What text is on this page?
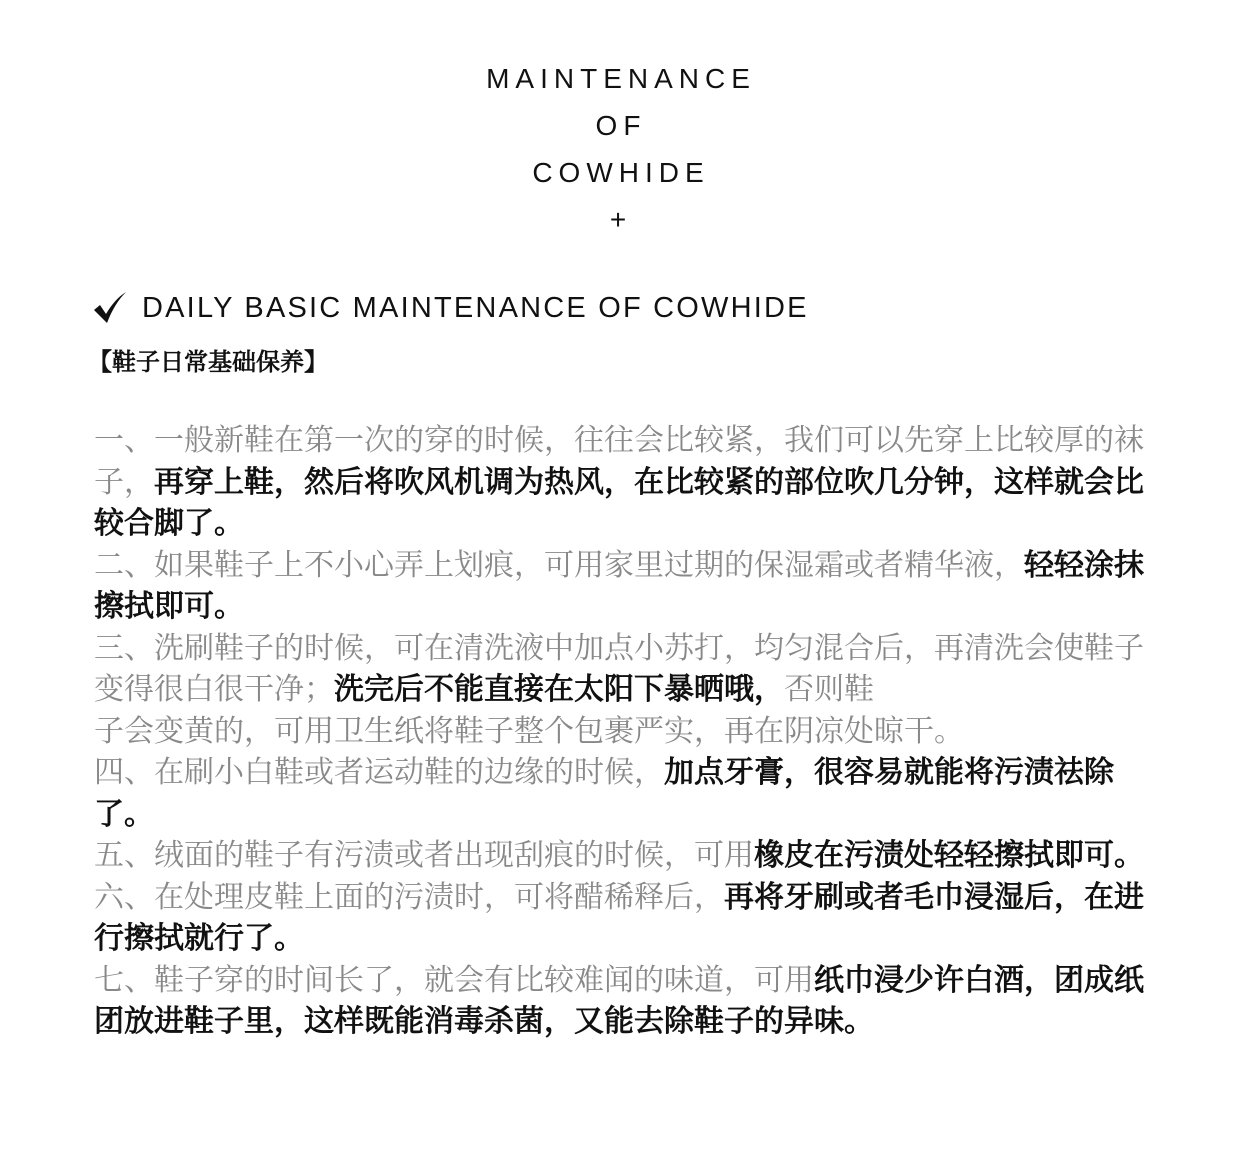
MAINTENANCE
OF
COWHIDE
+
DAILY BASIC MAINTENANCE OF COWHIDE
【鞋子日常基础保养】

一、一般新鞋在第一次的穿的时候，往往会比较紧，我们可以先穿上比较厚的袜子，再穿上鞋，然后将吹风机调为热风，在比较紧的部位吹几分钟，这样就会比较合脚了。

二、如果鞋子上不小心弄上划痕，可用家里过期的保湿霜或者精华液，轻轻涂抹擦拭即可。

三、洗刷鞋子的时候，可在清洗液中加点小苏打，均匀混合后，再清洗会使鞋子变得很白很干净；洗完后不能直接在太阳下暴晒哦，否则鞋
子会变黄的，可用卫生纸将鞋子整个包裹严实，再在阴凉处晾干。

四、在刷小白鞋或者运动鞋的边缘的时候，加点牙膏，很容易就能将污渍祛除了。

五、绒面的鞋子有污渍或者出现刮痕的时候，可用橡皮在污渍处轻轻擦拭即可。

六、在处理皮鞋上面的污渍时，可将醋稀释后，再将牙刷或者毛巾浸湿后，在进行擦拭就行了。

七、鞋子穿的时间长了，就会有比较难闻的味道，可用纸巾浸少许白酒，团成纸团放进鞋子里，这样既能消毒杀菌，又能去除鞋子的异味。
